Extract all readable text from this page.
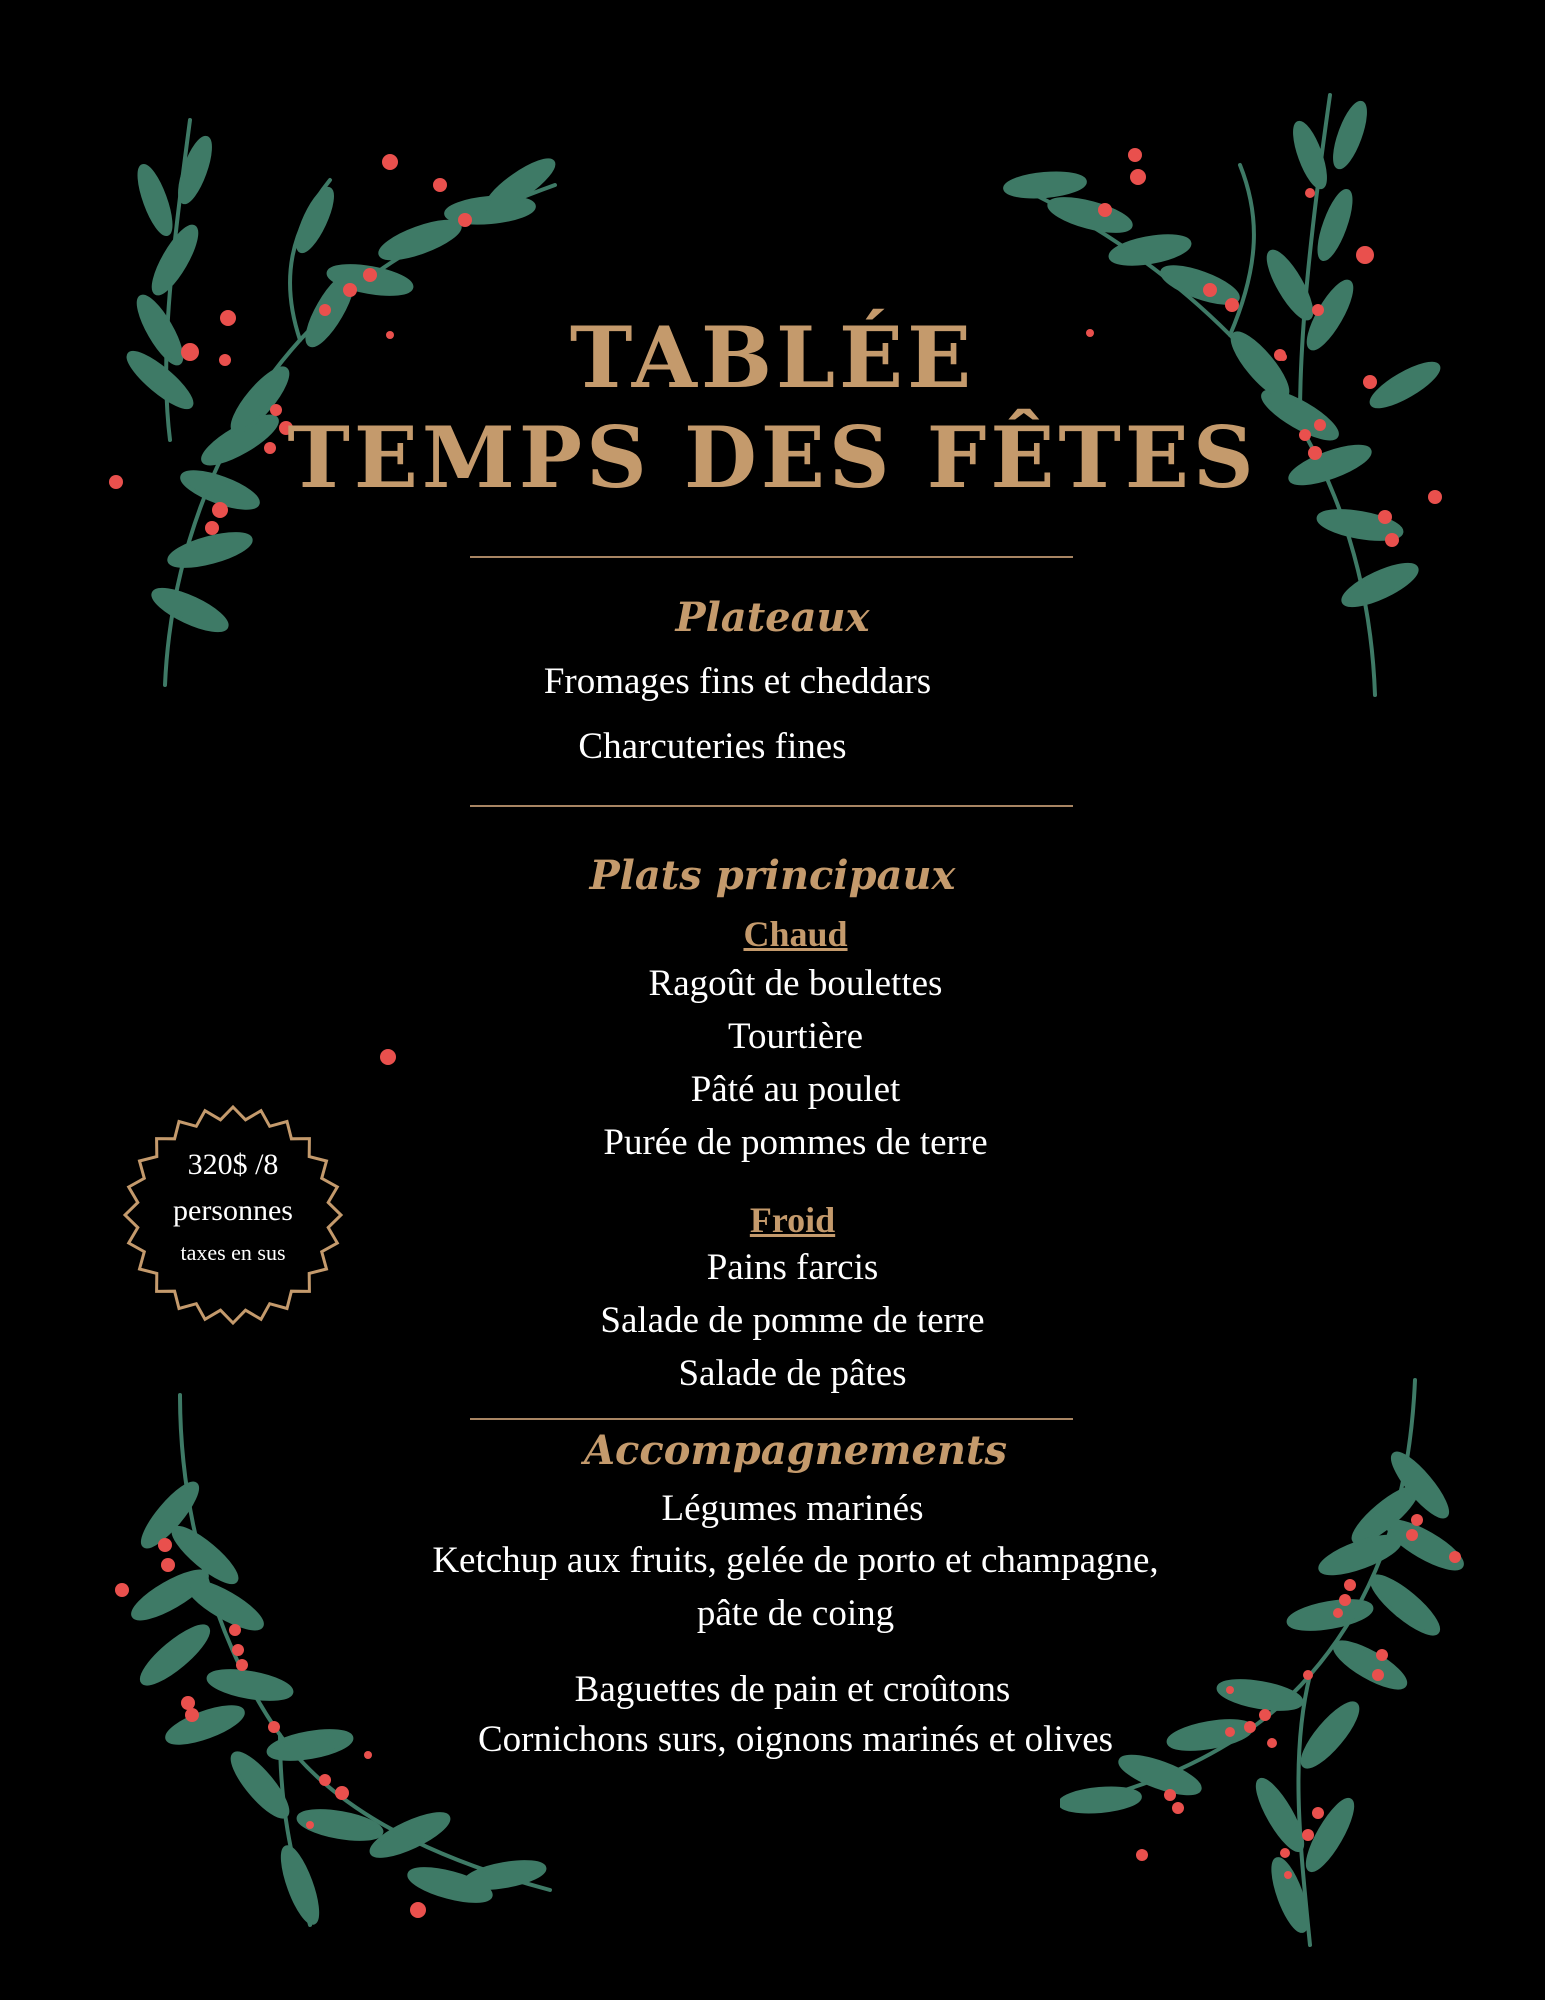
TABLÉE
TEMPS DES FÊTES
Plateaux
Fromages fins et cheddars
Charcuteries fines
Plats principaux
Chaud
Ragoût de boulettes
Tourtière
Pâté au poulet
Purée de pommes de terre
Froid
Pains farcis
Salade de pomme de terre
Salade de pâtes
Accompagnements
Légumes marinés
Ketchup aux fruits, gelée de porto et champagne,
pâte de coing
Baguettes de pain et croûtons
Cornichons surs, oignons marinés et olives
320$ /8
personnes
taxes en sus
